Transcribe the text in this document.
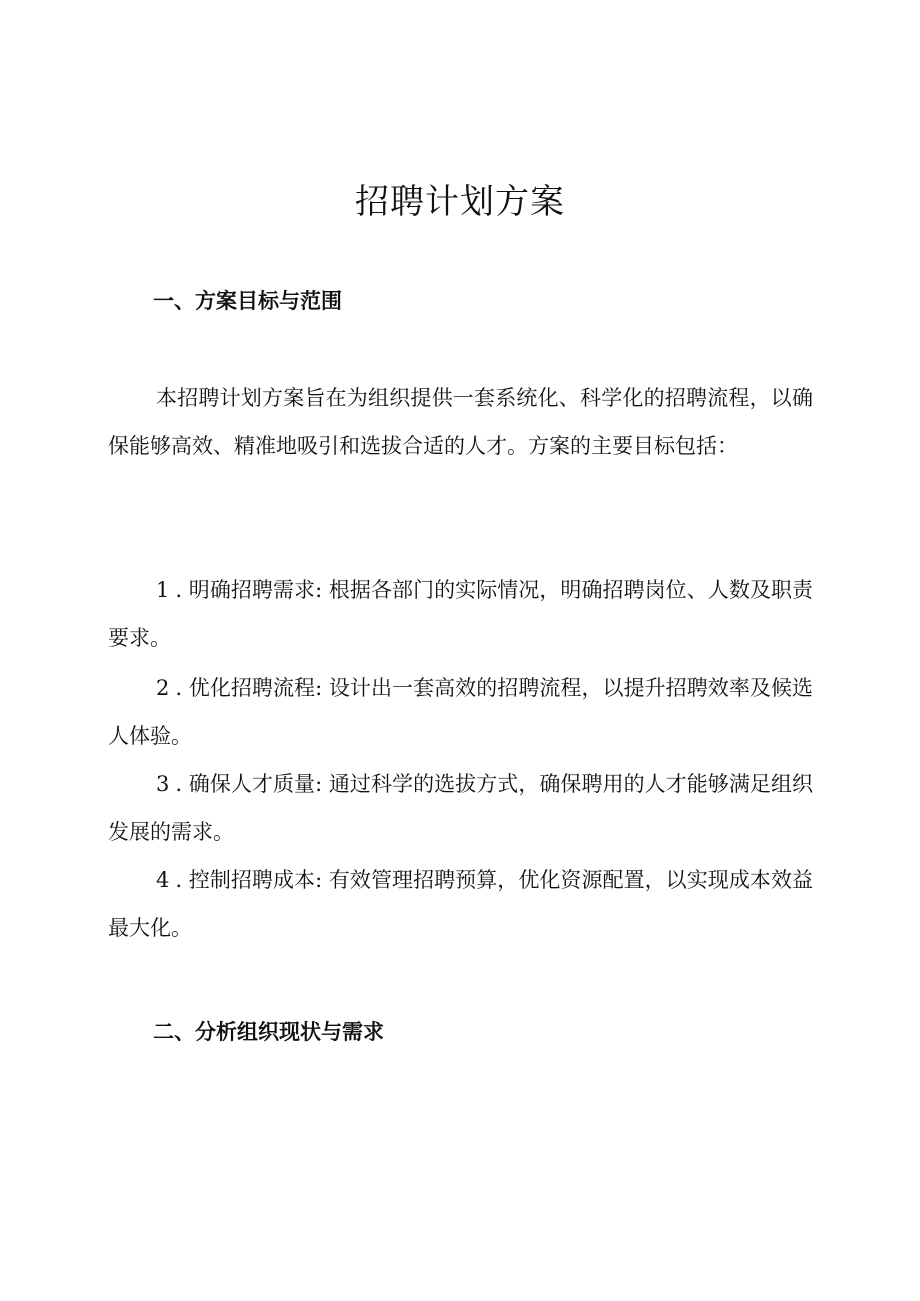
招聘计划方案
一、方案目标与范围

本招聘计划方案旨在为组织提供一套系统化、科学化的招聘流程，以确保能够高效、精准地吸引和选拔合适的人才。方案的主要目标包括：

1 . 明确招聘需求: 根据各部门的实际情况，明确招聘岗位、人数及职责要求。

2 . 优化招聘流程: 设计出一套高效的招聘流程，以提升招聘效率及候选人体验。

3 . 确保人才质量: 通过科学的选拔方式，确保聘用的人才能够满足组织发展的需求。

4 . 控制招聘成本: 有效管理招聘预算，优化资源配置，以实现成本效益最大化。

二、分析组织现状与需求
